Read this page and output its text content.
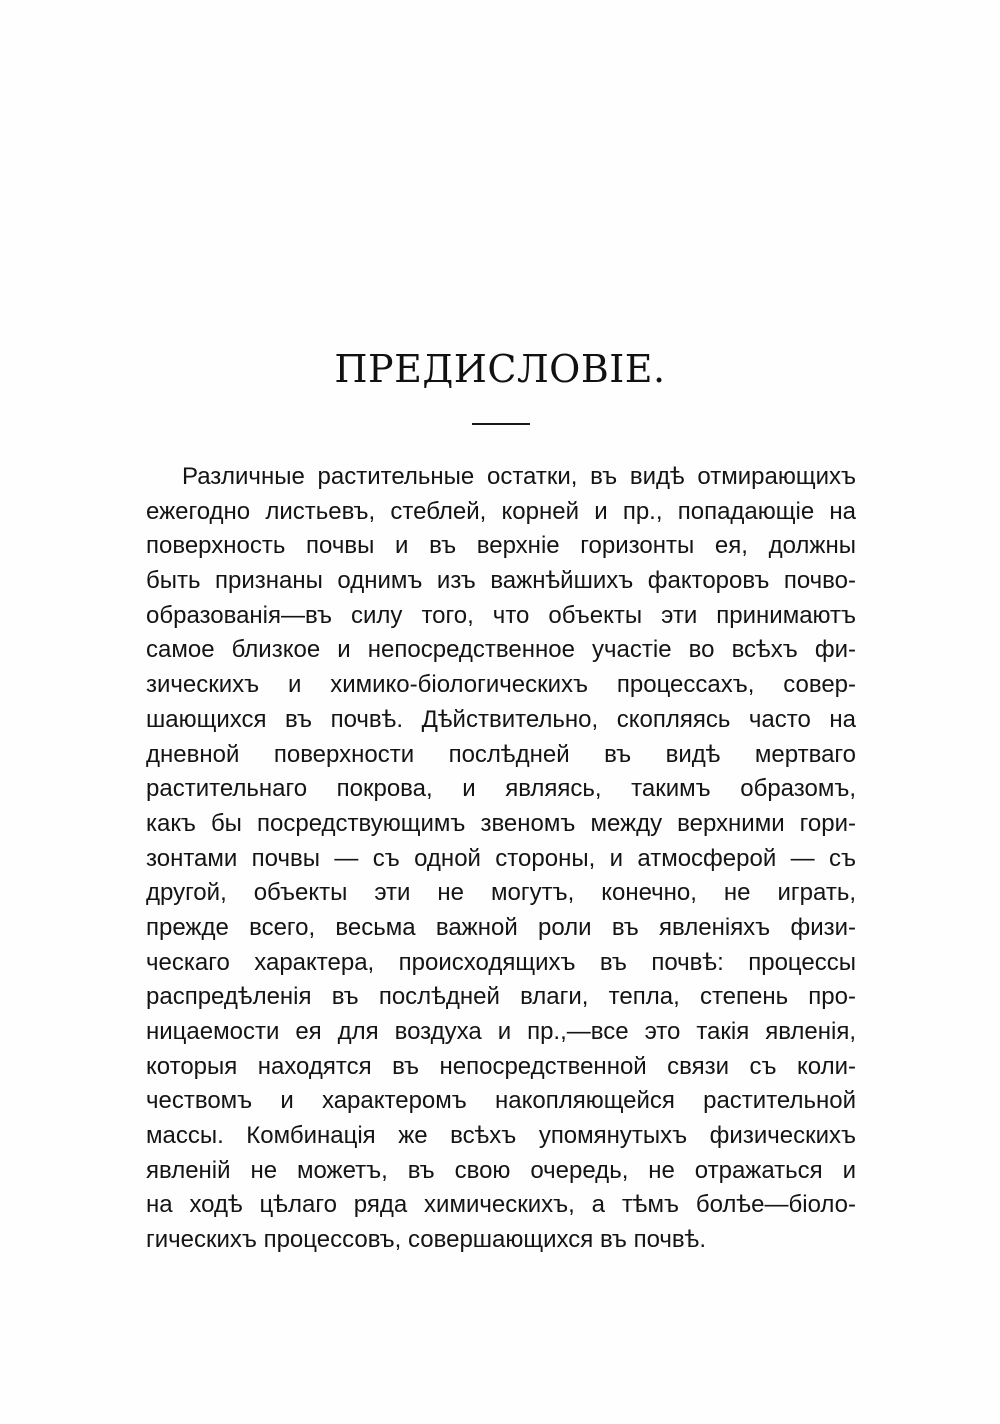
ПРЕДИСЛОВІЕ.
Различные растительные остатки, въ видѣ отмирающихъ
ежегодно листьевъ, стеблей, корней и пр., попадающіе на
поверхность почвы и въ верхніе горизонты ея, должны
быть признаны однимъ изъ важнѣйшихъ факторовъ почво-
образованія—въ силу того, что объекты эти принимаютъ
самое близкое и непосредственное участіе во всѣхъ фи-
зическихъ и химико-біологическихъ процессахъ, совер-
шающихся въ почвѣ. Дѣйствительно, скопляясь часто на
дневной поверхности послѣдней въ видѣ мертваго
растительнаго покрова, и являясь, такимъ образомъ,
какъ бы посредствующимъ звеномъ между верхними гори-
зонтами почвы — съ одной стороны, и атмосферой — съ
другой, объекты эти не могутъ, конечно, не играть,
прежде всего, весьма важной роли въ явленіяхъ физи-
ческаго характера, происходящихъ въ почвѣ: процессы
распредѣленія въ послѣдней влаги, тепла, степень про-
ницаемости ея для воздуха и пр.,—все это такія явленія,
которыя находятся въ непосредственной связи съ коли-
чествомъ и характеромъ накопляющейся растительной
массы. Комбинація же всѣхъ упомянутыхъ физическихъ
явленій не можетъ, въ свою очередь, не отражаться и
на ходѣ цѣлаго ряда химическихъ, а тѣмъ болѣе—біоло-
гическихъ процессовъ, совершающихся въ почвѣ.
